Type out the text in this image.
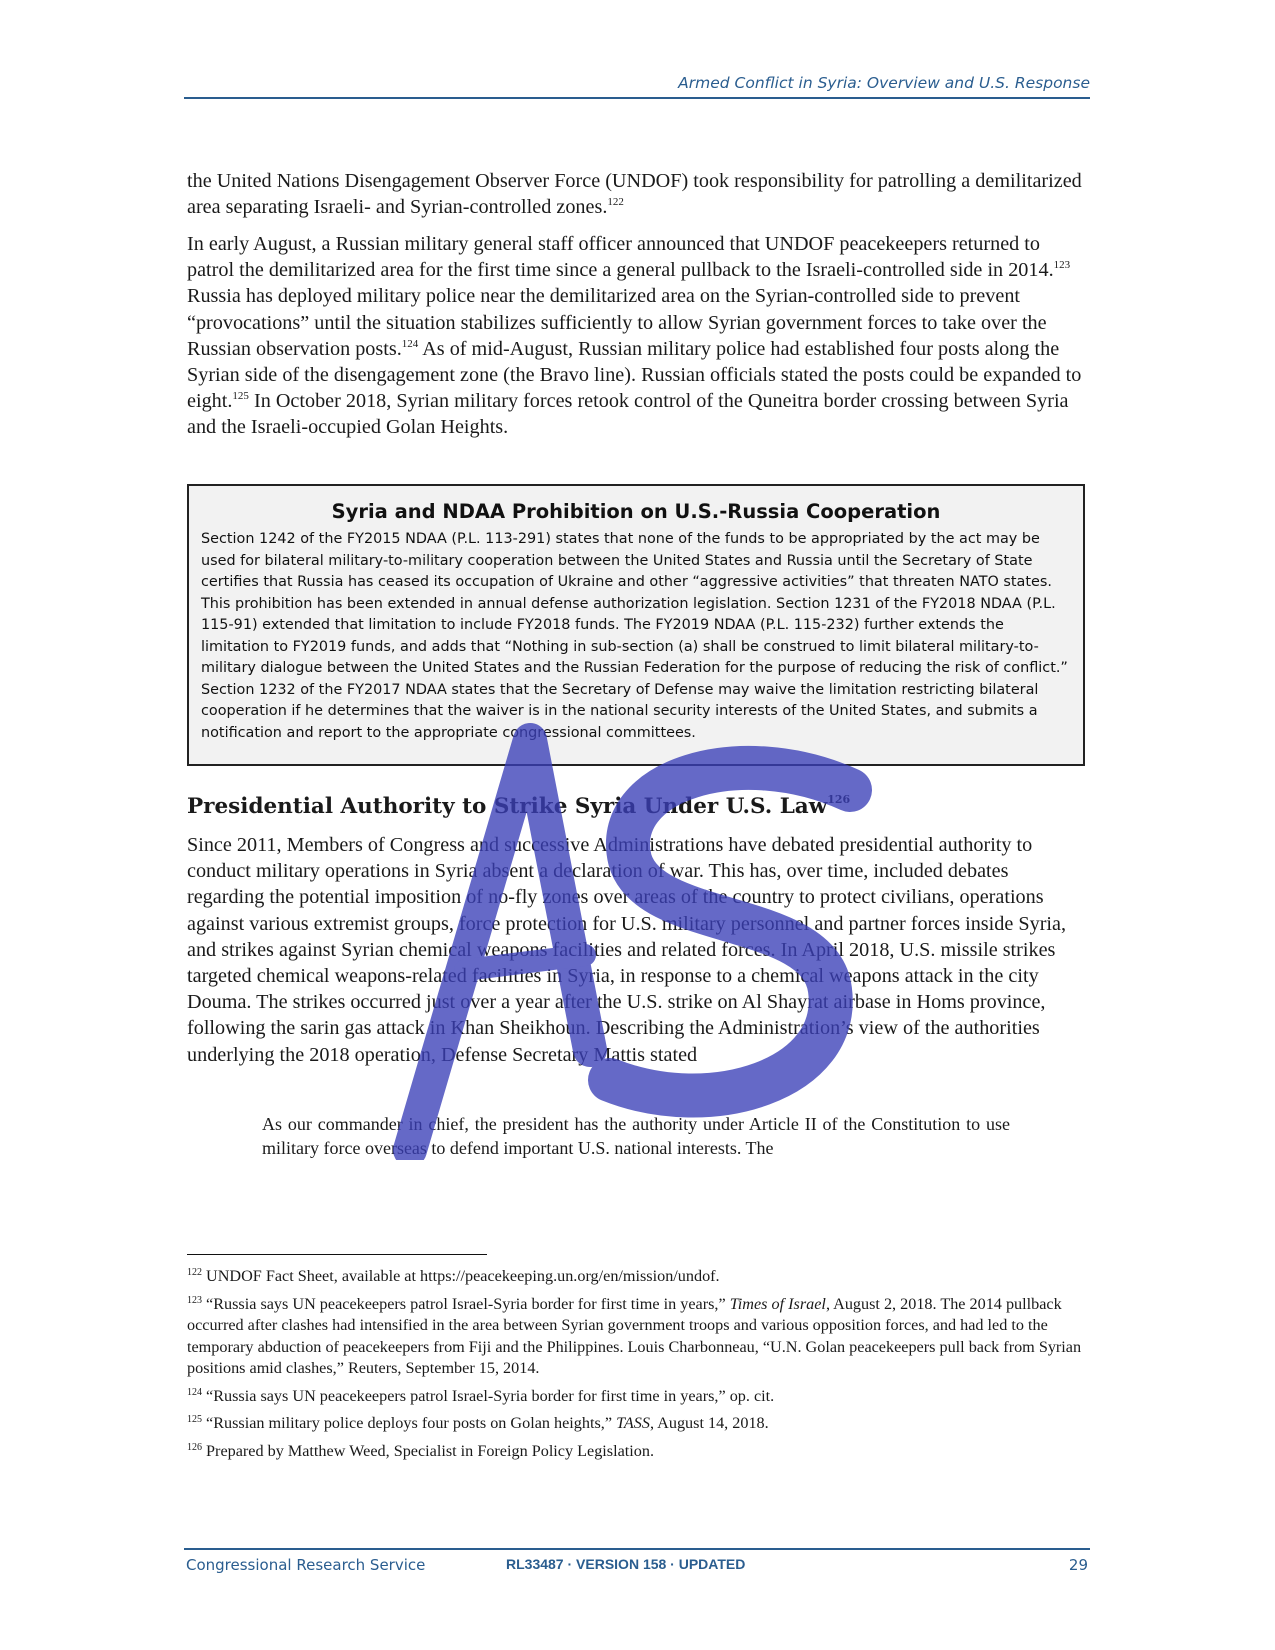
Armed Conflict in Syria: Overview and U.S. Response

the United Nations Disengagement Observer Force (UNDOF) took responsibility for patrolling a demilitarized area separating Israeli- and Syrian-controlled zones.$^{122}$

In early August, a Russian military general staff officer announced that UNDOF peacekeepers returned to patrol the demilitarized area for the first time since a general pullback to the Israeli-controlled side in 2014.$^{123}$ Russia has deployed military police near the demilitarized area on the Syrian-controlled side to prevent “provocations” until the situation stabilizes sufficiently to allow Syrian government forces to take over the Russian observation posts.$^{124}$ As of mid-August, Russian military police had established four posts along the Syrian side of the disengagement zone (the Bravo line). Russian officials stated the posts could be expanded to eight.$^{125}$ In October 2018, Syrian military forces retook control of the Quneitra border crossing between Syria and the Israeli-occupied Golan Heights.

Syria and NDAA Prohibition on U.S.-Russia Cooperation
Section 1242 of the FY2015 NDAA (P.L. 113-291) states that none of the funds to be appropriated by the act may be used for bilateral military-to-military cooperation between the United States and Russia until the Secretary of State certifies that Russia has ceased its occupation of Ukraine and other “aggressive activities” that threaten NATO states. This prohibition has been extended in annual defense authorization legislation. Section 1231 of the FY2018 NDAA (P.L. 115-91) extended that limitation to include FY2018 funds. The FY2019 NDAA (P.L. 115-232) further extends the limitation to FY2019 funds, and adds that “Nothing in sub-section (a) shall be construed to limit bilateral military-to-military dialogue between the United States and the Russian Federation for the purpose of reducing the risk of conflict.” Section 1232 of the FY2017 NDAA states that the Secretary of Defense may waive the limitation restricting bilateral cooperation if he determines that the waiver is in the national security interests of the United States, and submits a notification and report to the appropriate congressional committees.
Presidential Authority to Strike Syria Under U.S. Law$^{126}$

Since 2011, Members of Congress and successive Administrations have debated presidential authority to conduct military operations in Syria absent a declaration of war. This has, over time, included debates regarding the potential imposition of no-fly zones over areas of the country to protect civilians, operations against various extremist groups, force protection for U.S. military personnel and partner forces inside Syria, and strikes against Syrian chemical weapons facilities and related forces. In April 2018, U.S. missile strikes targeted chemical weapons-related facilities in Syria, in response to a chemical weapons attack in the city Douma. The strikes occurred just over a year after the U.S. strike on Al Shayrat airbase in Homs province, following the sarin gas attack in Khan Sheikhoun. Describing the Administration’s view of the authorities underlying the 2018 operation, Defense Secretary Mattis stated

As our commander in chief, the president has the authority under Article II of the Constitution to use military force overseas to defend important U.S. national interests. The

$^{122}$ UNDOF Fact Sheet, available at https://peacekeeping.un.org/en/mission/undof.

$^{123}$ “Russia says UN peacekeepers patrol Israel-Syria border for first time in years,” Times of Israel, August 2, 2018. The 2014 pullback occurred after clashes had intensified in the area between Syrian government troops and various opposition forces, and had led to the temporary abduction of peacekeepers from Fiji and the Philippines. Louis Charbonneau, “U.N. Golan peacekeepers pull back from Syrian positions amid clashes,” Reuters, September 15, 2014.

$^{124}$ “Russia says UN peacekeepers patrol Israel-Syria border for first time in years,” op. cit.

$^{125}$ “Russian military police deploys four posts on Golan heights,” TASS, August 14, 2018.

$^{126}$ Prepared by Matthew Weed, Specialist in Foreign Policy Legislation.

Congressional Research Service	RL33487 · VERSION 158 · UPDATED	29
